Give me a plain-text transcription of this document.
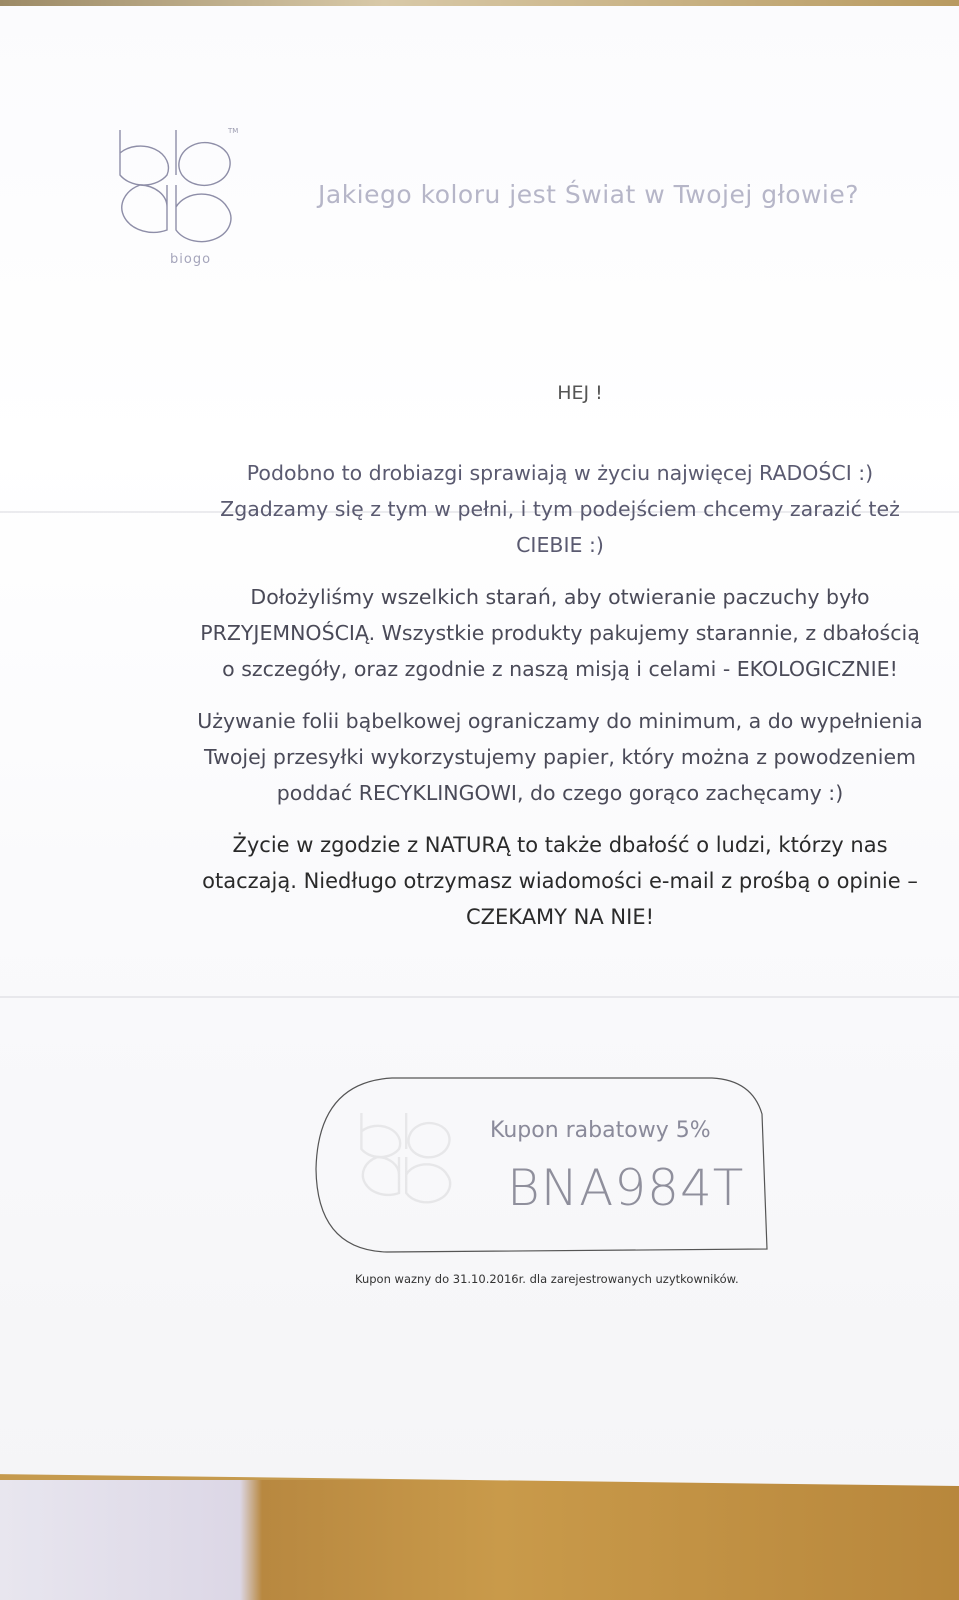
TM
biogo
Jakiego koloru jest Świat w Twojej głowie?
HEJ !

Podobno to drobiazgi sprawiają w życiu najwięcej RADOŚCI :) Zgadzamy się z tym w pełni, i tym podejściem chcemy zarazić też CIEBIE :)

Dołożyliśmy wszelkich starań, aby otwieranie paczuchy było PRZYJEMNOŚCIĄ. Wszystkie produkty pakujemy starannie, z dbałością o szczegóły, oraz zgodnie z naszą misją i celami - EKOLOGICZNIE!

Używanie folii bąbelkowej ograniczamy do minimum, a do wypełnienia Twojej przesyłki wykorzystujemy papier, który można z powodzeniem poddać RECYKLINGOWI, do czego gorąco zachęcamy :)

Życie w zgodzie z NATURĄ to także dbałość o ludzi, którzy nas otaczają. Niedługo otrzymasz wiadomości e-mail z prośbą o opinie – CZEKAMY NA NIE!

Kupon rabatowy 5%
BNA984T
Kupon wazny do 31.10.2016r. dla zarejestrowanych uzytkowników.
